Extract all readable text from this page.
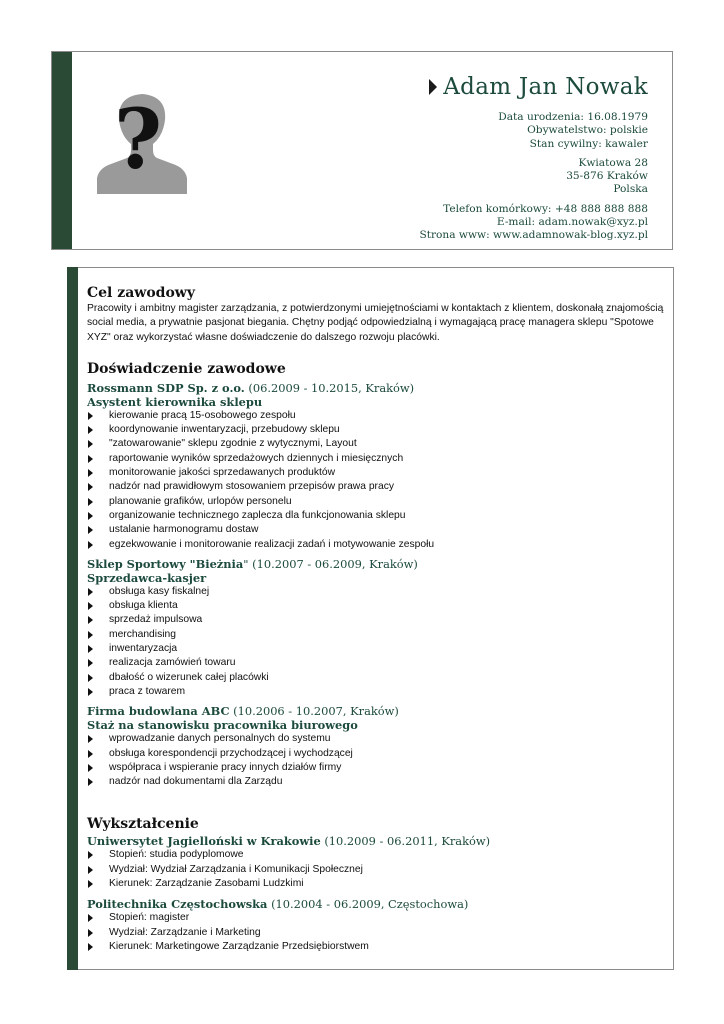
?
Adam Jan Nowak
Data urodzenia: 16.08.1979
Obywatelstwo: polskie
Stan cywilny: kawaler
Kwiatowa 28
35-876 Kraków
Polska
Telefon komórkowy: +48 888 888 888
E-mail: adam.nowak@xyz.pl
Strona www: www.adamnowak-blog.xyz.pl
Cel zawodowy

Pracowity i ambitny magister zarządzania, z potwierdzonymi umiejętnościami w kontaktach z klientem, doskonałą znajomością social media, a prywatnie pasjonat biegania. Chętny podjąć odpowiedzialną i wymagającą pracę managera sklepu "Spotowe XYZ" oraz wykorzystać własne doświadczenie do dalszego rozwoju placówki.

Doświadczenie zawodowe
Rossmann SDP Sp. z o.o. (06.2009 - 10.2015, Kraków)
Asystent kierownika sklepu
kierowanie pracą 15-osobowego zespołu
koordynowanie inwentaryzacji, przebudowy sklepu
"zatowarowanie" sklepu zgodnie z wytycznymi, Layout
raportowanie wyników sprzedażowych dziennych i miesięcznych
monitorowanie jakości sprzedawanych produktów
nadzór nad prawidłowym stosowaniem przepisów prawa pracy
planowanie grafików, urlopów personelu
organizowanie technicznego zaplecza dla funkcjonowania sklepu
ustalanie harmonogramu dostaw
egzekwowanie i monitorowanie realizacji zadań i motywowanie zespołu
Sklep Sportowy "Bieżnia" (10.2007 - 06.2009, Kraków)
Sprzedawca-kasjer
obsługa kasy fiskalnej
obsługa klienta
sprzedaż impulsowa
merchandising
inwentaryzacja
realizacja zamówień towaru
dbałość o wizerunek całej placówki
praca z towarem
Firma budowlana ABC (10.2006 - 10.2007, Kraków)
Staż na stanowisku pracownika biurowego
wprowadzanie danych personalnych do systemu
obsługa korespondencji przychodzącej i wychodzącej
współpraca i wspieranie pracy innych działów firmy
nadzór nad dokumentami dla Zarządu
Wykształcenie
Uniwersytet Jagielloński w Krakowie (10.2009 - 06.2011, Kraków)
Stopień: studia podyplomowe
Wydział: Wydział Zarządzania i Komunikacji Społecznej
Kierunek: Zarządzanie Zasobami Ludzkimi
Politechnika Częstochowska (10.2004 - 06.2009, Częstochowa)
Stopień: magister
Wydział: Zarządzanie i Marketing
Kierunek: Marketingowe Zarządzanie Przedsiębiorstwem
